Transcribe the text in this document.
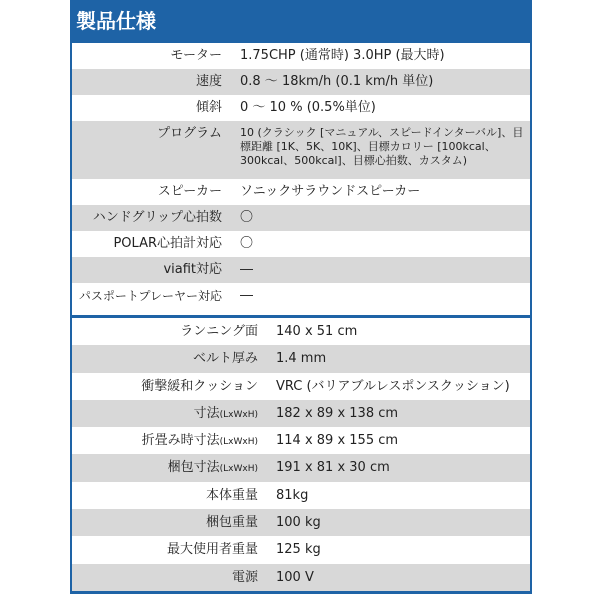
製品仕様
モーター	1.75CHP (通常時) 3.0HP (最大時)
速度	0.8 ～ 18km/h (0.1 km/h 単位)
傾斜	0 ～ 10 % (0.5%単位)
プログラム	10 (クラシック [マニュアル、スピードインターバル]、目標距離 [1K、5K、10K]、目標カロリー [100kcal、300kcal、500kcal]、目標心拍数、カスタム)
スピーカー	ソニックサラウンドスピーカー
ハンドグリップ心拍数	〇
POLAR心拍計対応	〇
viafit対応	―
パスポートプレーヤー対応	―
ランニング面	140 x 51 cm
ベルト厚み	1.4 mm
衝撃緩和クッション	VRC (バリアブルレスポンスクッション)
寸法(LxWxH)	182 x 89 x 138 cm
折畳み時寸法(LxWxH)	114 x 89 x 155 cm
梱包寸法(LxWxH)	191 x 81 x 30 cm
本体重量	81kg
梱包重量	100 kg
最大使用者重量	125 kg
電源	100 V
